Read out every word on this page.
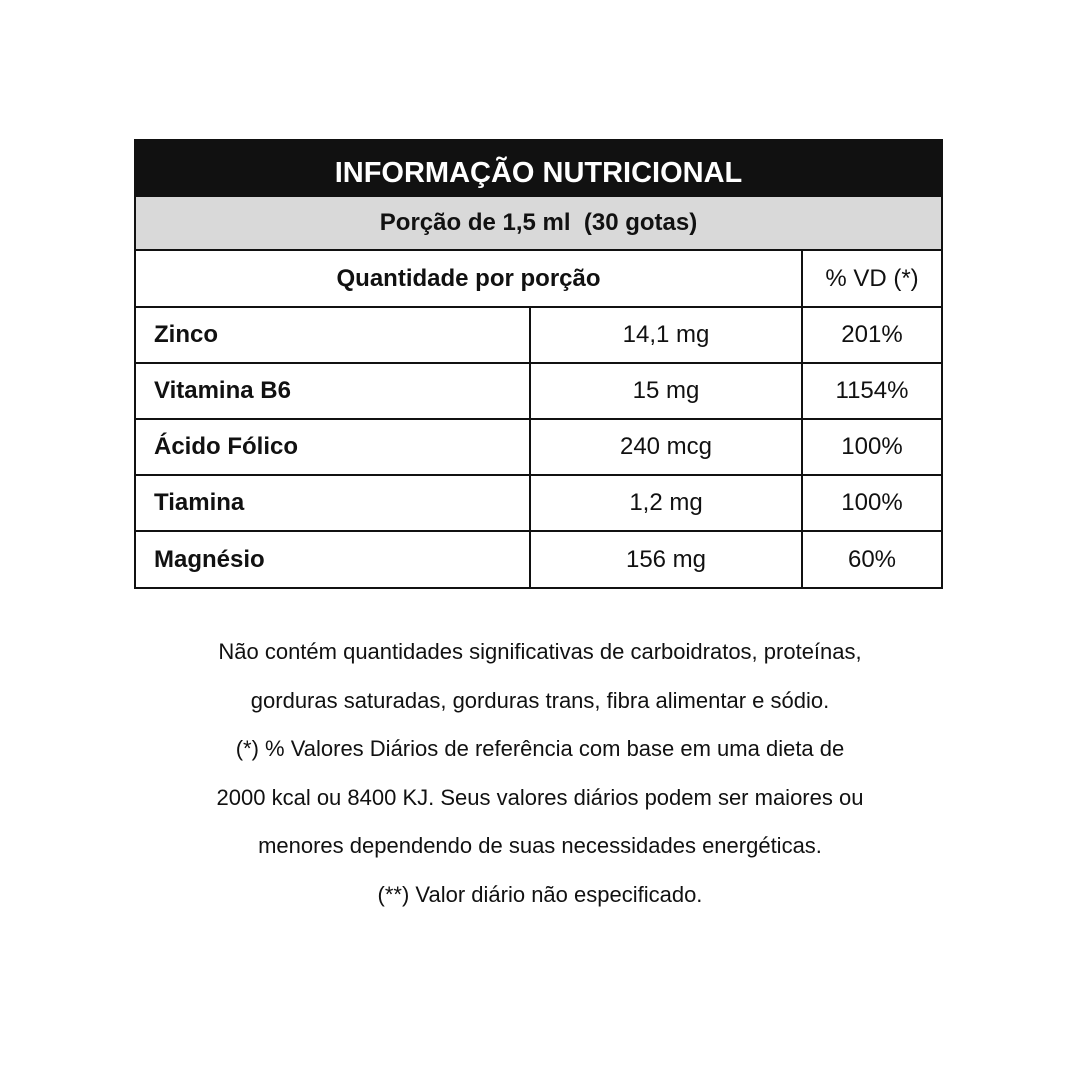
INFORMAÇÃO NUTRICIONAL
Porção de 1,5 ml  (30 gotas)
Quantidade por porção		% VD (*)
Zinco	14,1 mg	201%
Vitamina B6	15 mg	1154%
Ácido Fólico	240 mcg	100%
Tiamina	1,2 mg	100%
Magnésio	156 mg	60%

Não contém quantidades significativas de carboidratos, proteínas,

gorduras saturadas, gorduras trans, fibra alimentar e sódio.

(*) % Valores Diários de referência com base em uma dieta de

2000 kcal ou 8400 KJ. Seus valores diários podem ser maiores ou

menores dependendo de suas necessidades energéticas.

(**) Valor diário não especificado.
